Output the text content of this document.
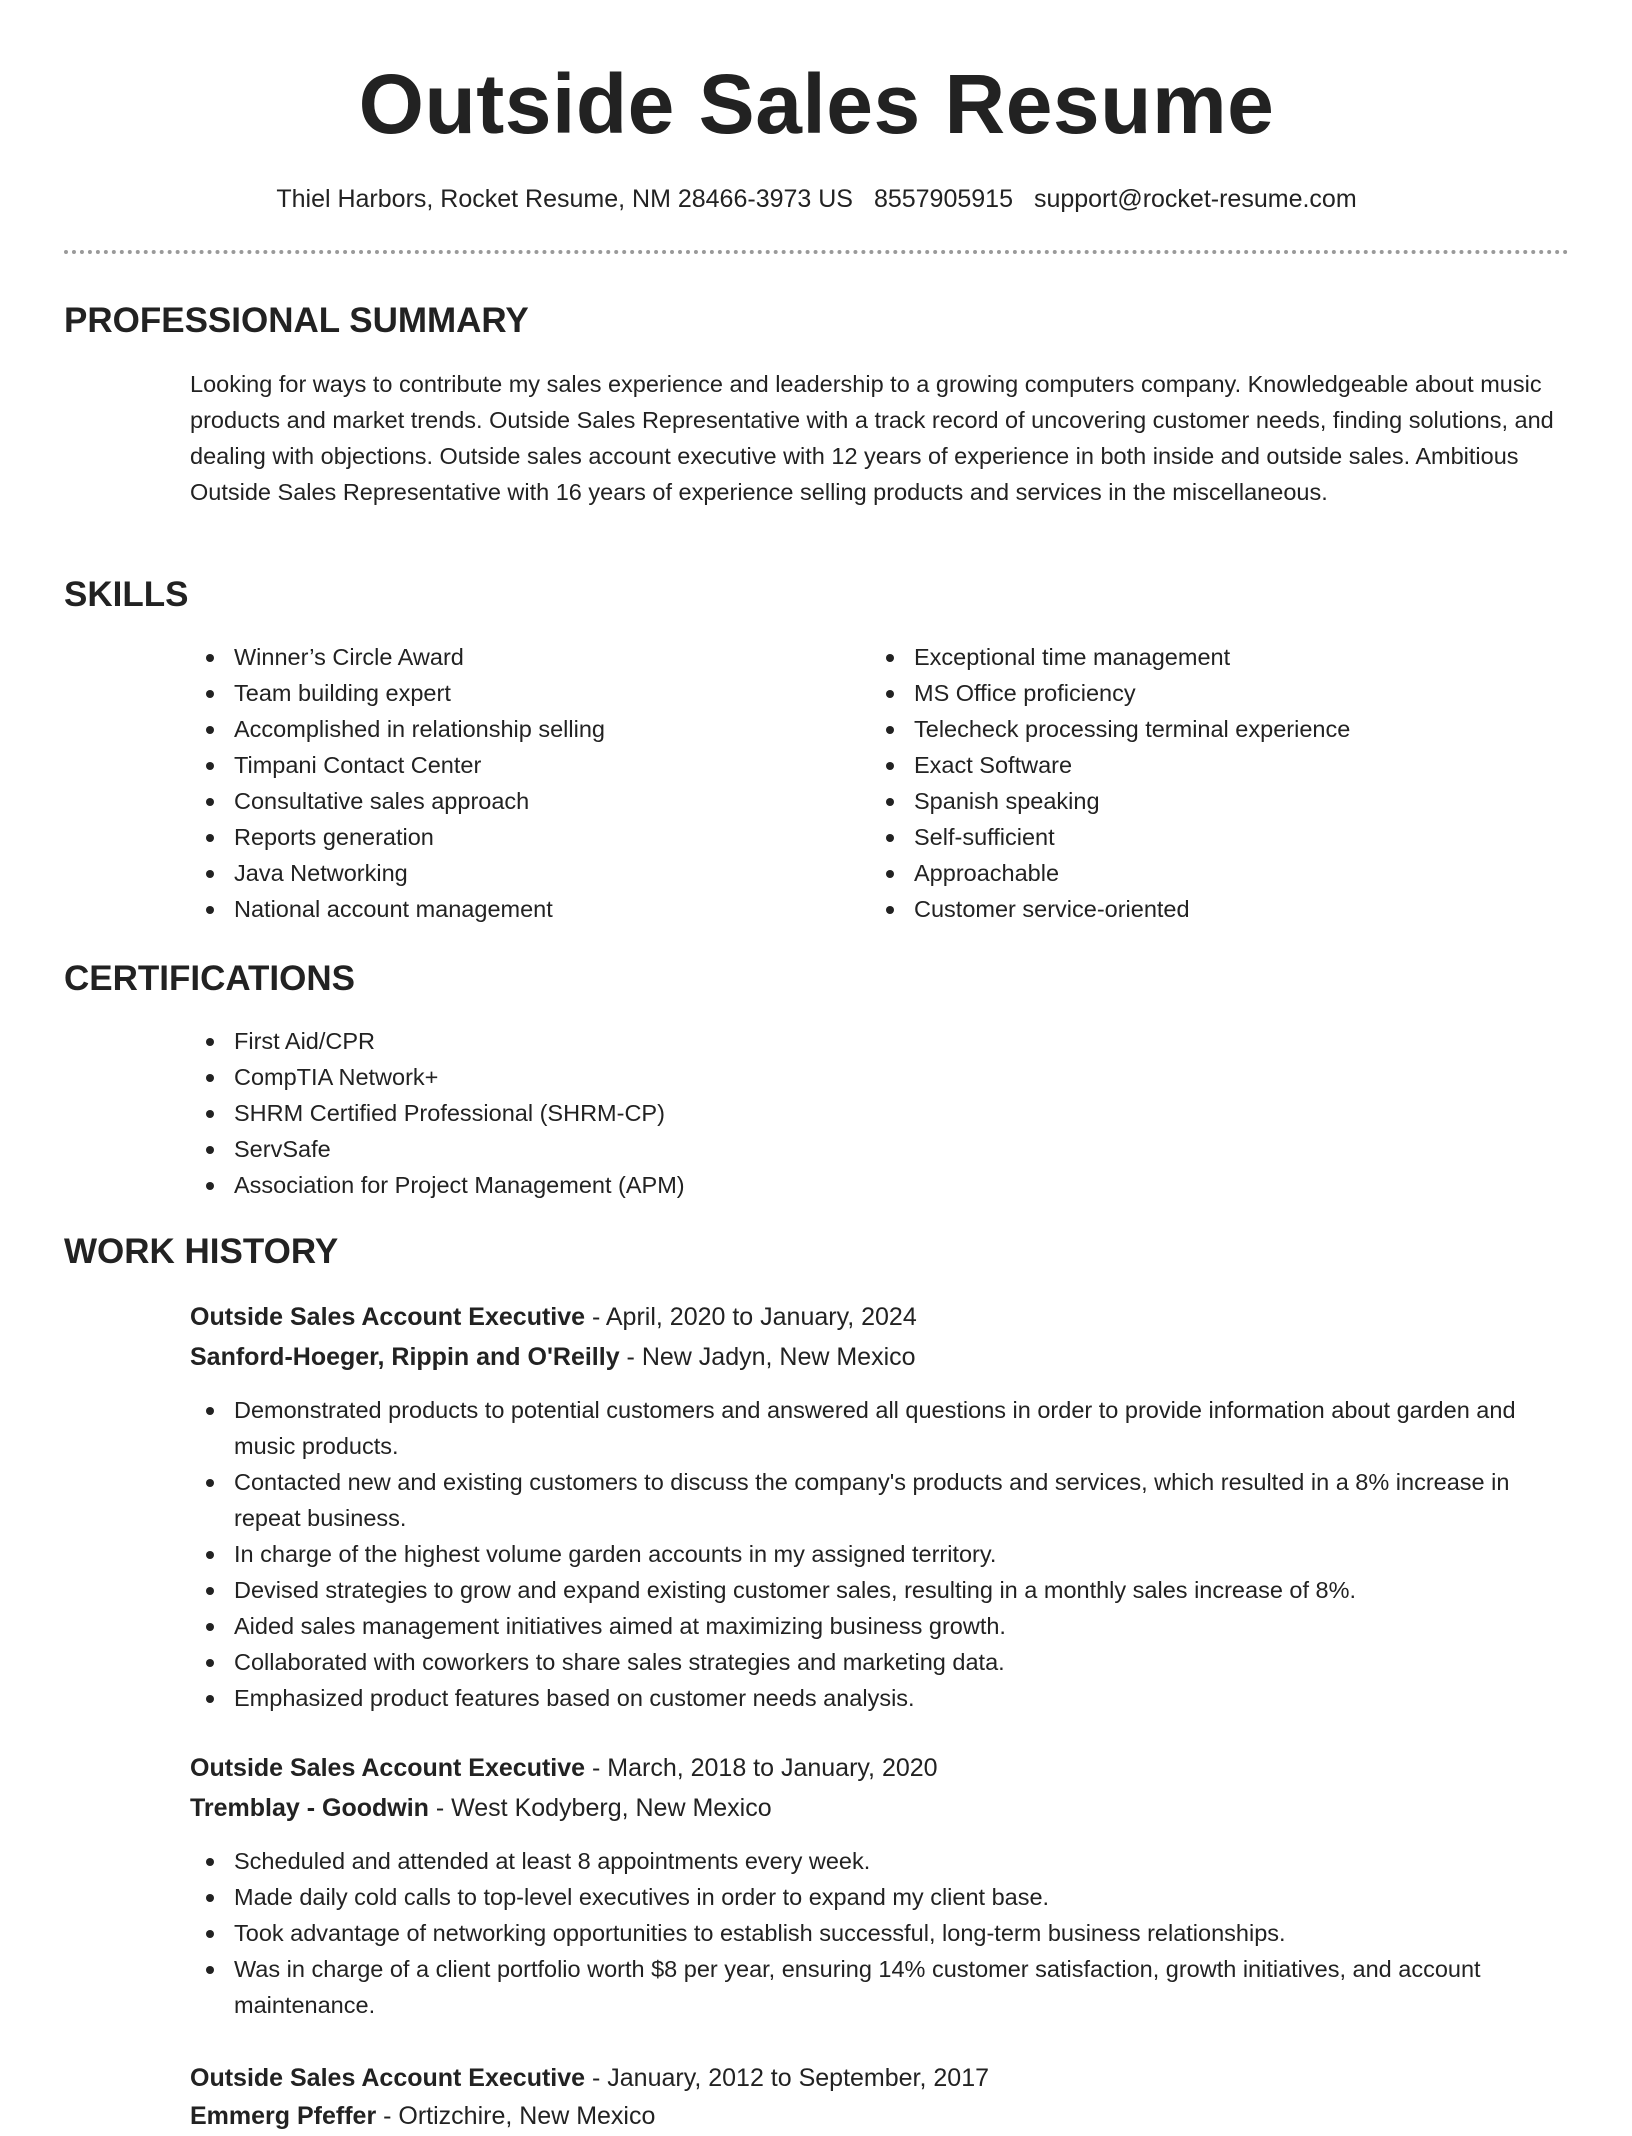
Outside Sales Resume

Thiel Harbors, Rocket Resume, NM 28466-3973 US 8557905915 support@rocket-resume.com

PROFESSIONAL SUMMARY

Looking for ways to contribute my sales experience and leadership to a growing computers company. Knowledgeable about music products and market trends. Outside Sales Representative with a track record of uncovering customer needs, finding solutions, and dealing with objections. Outside sales account executive with 12 years of experience in both inside and outside sales. Ambitious Outside Sales Representative with 16 years of experience selling products and services in the miscellaneous.

SKILLS
Winner’s Circle Award
Team building expert
Accomplished in relationship selling
Timpani Contact Center
Consultative sales approach
Reports generation
Java Networking
National account management
Exceptional time management
MS Office proficiency
Telecheck processing terminal experience
Exact Software
Spanish speaking
Self-sufficient
Approachable
Customer service-oriented
CERTIFICATIONS
First Aid/CPR
CompTIA Network+
SHRM Certified Professional (SHRM-CP)
ServSafe
Association for Project Management (APM)
WORK HISTORY

Outside Sales Account Executive - April, 2020 to January, 2024

Sanford-Hoeger, Rippin and O'Reilly - New Jadyn, New Mexico

Demonstrated products to potential customers and answered all questions in order to provide information about garden and music products.
Contacted new and existing customers to discuss the company's products and services, which resulted in a 8% increase in repeat business.
In charge of the highest volume garden accounts in my assigned territory.
Devised strategies to grow and expand existing customer sales, resulting in a monthly sales increase of 8%.
Aided sales management initiatives aimed at maximizing business growth.
Collaborated with coworkers to share sales strategies and marketing data.
Emphasized product features based on customer needs analysis.

Outside Sales Account Executive - March, 2018 to January, 2020

Tremblay - Goodwin - West Kodyberg, New Mexico

Scheduled and attended at least 8 appointments every week.
Made daily cold calls to top-level executives in order to expand my client base.
Took advantage of networking opportunities to establish successful, long-term business relationships.
Was in charge of a client portfolio worth $8 per year, ensuring 14% customer satisfaction, growth initiatives, and account maintenance.

Outside Sales Account Executive - January, 2012 to September, 2017

Emmerg Pfeffer - Ortizchire, New Mexico
